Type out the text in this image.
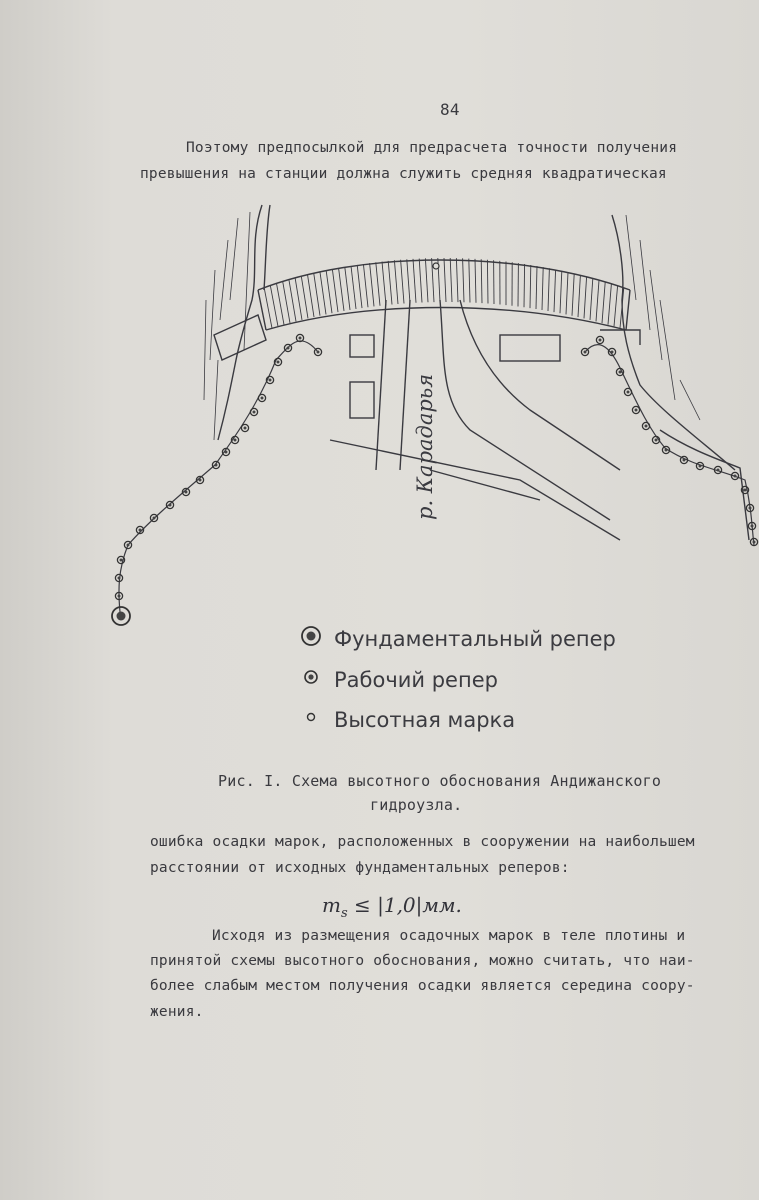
84
Поэтому предпосылкой для предрасчета точности получения
превышения на станции должна служить средняя квадратическая
р. Карадарья
Фундаментальный репер
Рабочий репер
Высотная марка
Рис. I. Схема высотного обоснования Андижанского
гидроузла.
ошибка осадки марок, расположенных в сооружении на наибольшем
расстоянии от исходных фундаментальных реперов:
$m_s \le |1,0|мм$.
Исходя из размещения осадочных марок в теле плотины и
принятой схемы высотного обоснования, можно считать, что наи-
более слабым местом получения осадки является середина соору-
жения.
